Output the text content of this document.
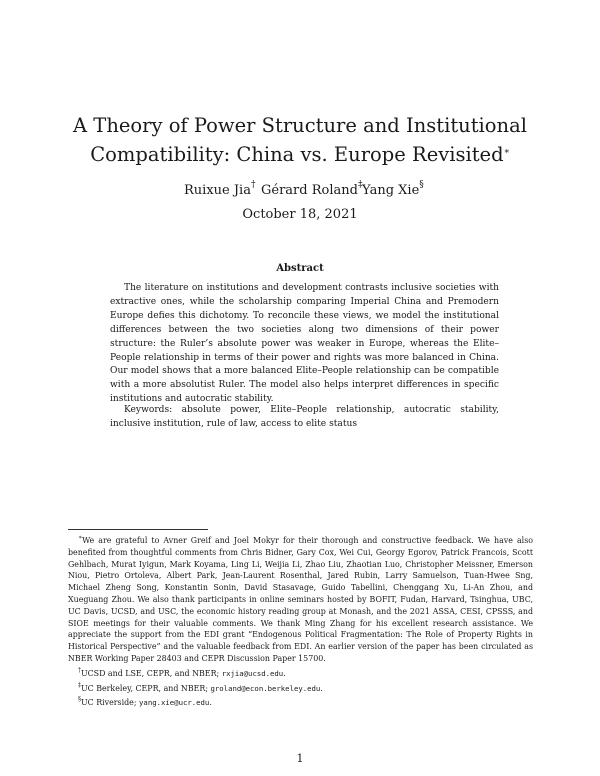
A Theory of Power Structure and Institutional
Compatibility: China vs. Europe Revisited∗
Ruixue Jia† Gérard Roland‡ Yang Xie§
October 18, 2021
Abstract

The literature on institutions and development contrasts inclusive societies with extractive ones, while the scholarship comparing Imperial China and Premodern Europe defies this dichotomy. To reconcile these views, we model the institutional differences between the two societies along two dimensions of their power structure: the Ruler’s absolute power was weaker in Europe, whereas the Elite–People relationship in terms of their power and rights was more balanced in China. Our model shows that a more balanced Elite–People relationship can be compatible with a more absolutist Ruler. The model also helps interpret differences in specific institutions and autocratic stability.

Keywords: absolute power, Elite–People relationship, autocratic stability, inclusive institution, rule of law, access to elite status

∗We are grateful to Avner Greif and Joel Mokyr for their thorough and constructive feedback. We have also benefited from thoughtful comments from Chris Bidner, Gary Cox, Wei Cui, Georgy Egorov, Patrick Francois, Scott Gehlbach, Murat Iyigun, Mark Koyama, Ling Li, Weijia Li, Zhao Liu, Zhaotian Luo, Christopher Meissner, Emerson Niou, Pietro Ortoleva, Albert Park, Jean-Laurent Rosenthal, Jared Rubin, Larry Samuelson, Tuan-Hwee Sng, Michael Zheng Song, Konstantin Sonin, David Stasavage, Guido Tabellini, Chenggang Xu, Li-An Zhou, and Xueguang Zhou. We also thank participants in online seminars hosted by BOFIT, Fudan, Harvard, Tsinghua, UBC, UC Davis, UCSD, and USC, the economic history reading group at Monash, and the 2021 ASSA, CESI, CPSSS, and SIOE meetings for their valuable comments. We thank Ming Zhang for his excellent research assistance. We appreciate the support from the EDI grant “Endogenous Political Fragmentation: The Role of Property Rights in Historical Perspective” and the valuable feedback from EDI. An earlier version of the paper has been circulated as NBER Working Paper 28403 and CEPR Discussion Paper 15700.

†UCSD and LSE, CEPR, and NBER; rxjia@ucsd.edu.

‡UC Berkeley, CEPR, and NBER; groland@econ.berkeley.edu.

§UC Riverside; yang.xie@ucr.edu.

1
